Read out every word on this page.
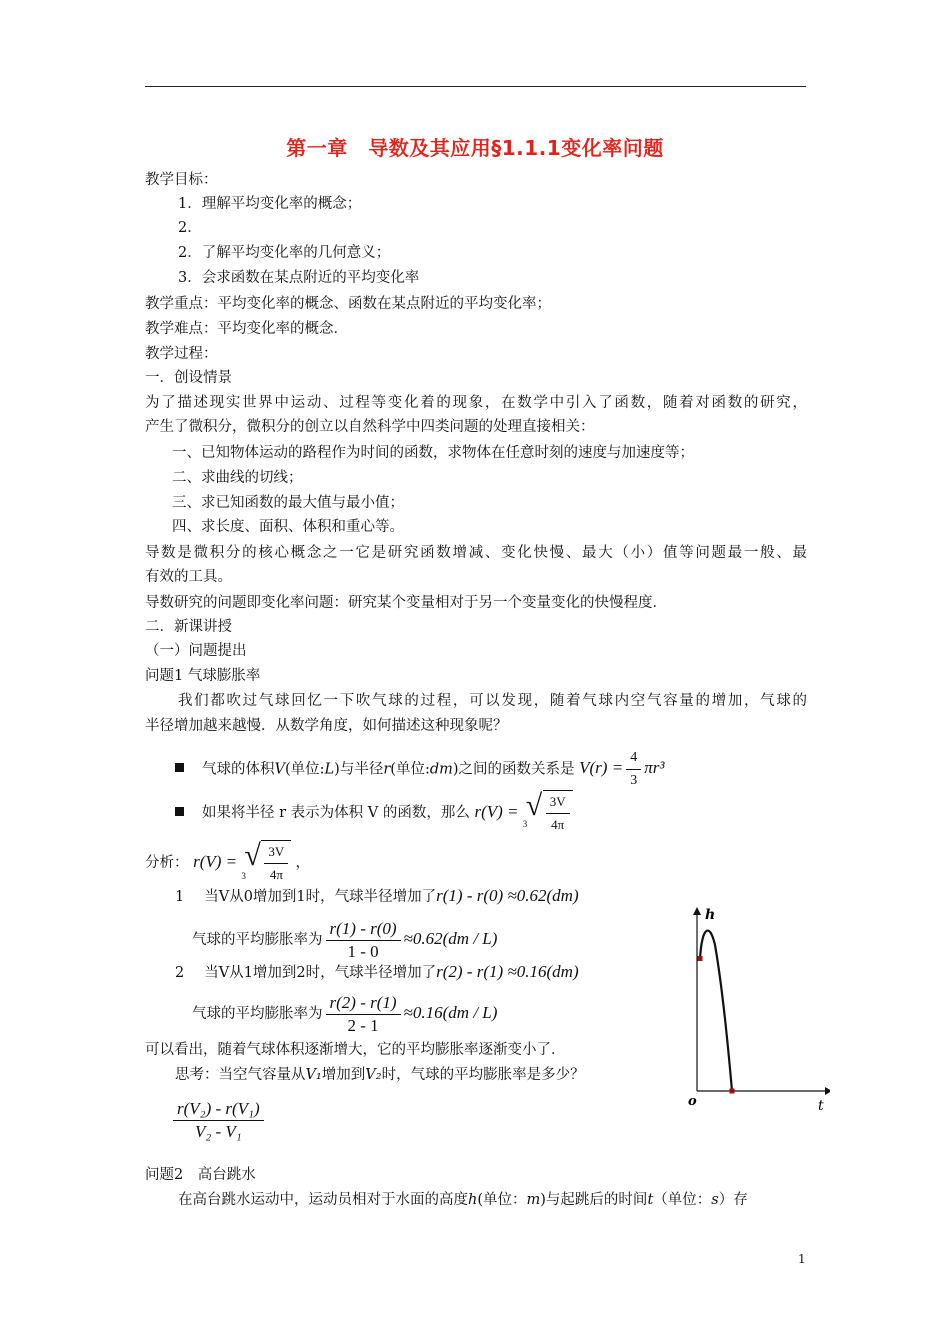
第一章　导数及其应用§1.1.1变化率问题
教学目标：
1．理解平均变化率的概念；
2．
2．了解平均变化率的几何意义；
3．会求函数在某点附近的平均变化率
教学重点：平均变化率的概念、函数在某点附近的平均变化率；
教学难点：平均变化率的概念．
教学过程：
一．创设情景
为了描述现实世界中运动、过程等变化着的现象，在数学中引入了函数，随着对函数的研究，
产生了微积分，微积分的创立以自然科学中四类问题的处理直接相关：
一、已知物体运动的路程作为时间的函数，求物体在任意时刻的速度与加速度等；
二、求曲线的切线；
三、求已知函数的最大值与最小值；
四、求长度、面积、体积和重心等。
导数是微积分的核心概念之一它是研究函数增减、变化快慢、最大（小）值等问题最一般、最
有效的工具。
导数研究的问题即变化率问题：研究某个变量相对于另一个变量变化的快慢程度．
二．新课讲授
（一）问题提出
问题1 气球膨胀率
我们都吹过气球回忆一下吹气球的过程，可以发现，随着气球内空气容量的增加，气球的
半径增加越来越慢．从数学角度，如何描述这种现象呢？
气球的体积V(单位:L)与半径r(单位:dm)之间的函数关系是 $V(r) = \frac{4}{3} \pi r^3$
如果将半径 r 表示为体积 V 的函数，那么 r(V) =
3
√ $\frac{3V}{4\pi}$
分析： r(V) =
3
√ $\frac{3V}{4\pi}$ ，
1 当V从0增加到1时，气球半径增加了r(1) - r(0) ≈0.62(dm)
气球的平均膨胀率为 $\frac{r(1) - r(0)}{1 - 0} \approx 0.62(dm / L)$
2 当V从1增加到2时，气球半径增加了r(2) - r(1) ≈0.16(dm)
气球的平均膨胀率为 $\frac{r(2) - r(1)}{2 - 1} \approx 0.16(dm / L)$
可以看出，随着气球体积逐渐增大，它的平均膨胀率逐渐变小了．
思考：当空气容量从V₁增加到V₂时，气球的平均膨胀率是多少？
$\frac{\text{r(V₂) - r(V₁)}}{\text{V₂ - V₁}}$
问题2　高台跳水
在高台跳水运动中，运动员相对于水面的高度h(单位：m)与起跳后的时间t（单位：s）存
h
t
o
1
